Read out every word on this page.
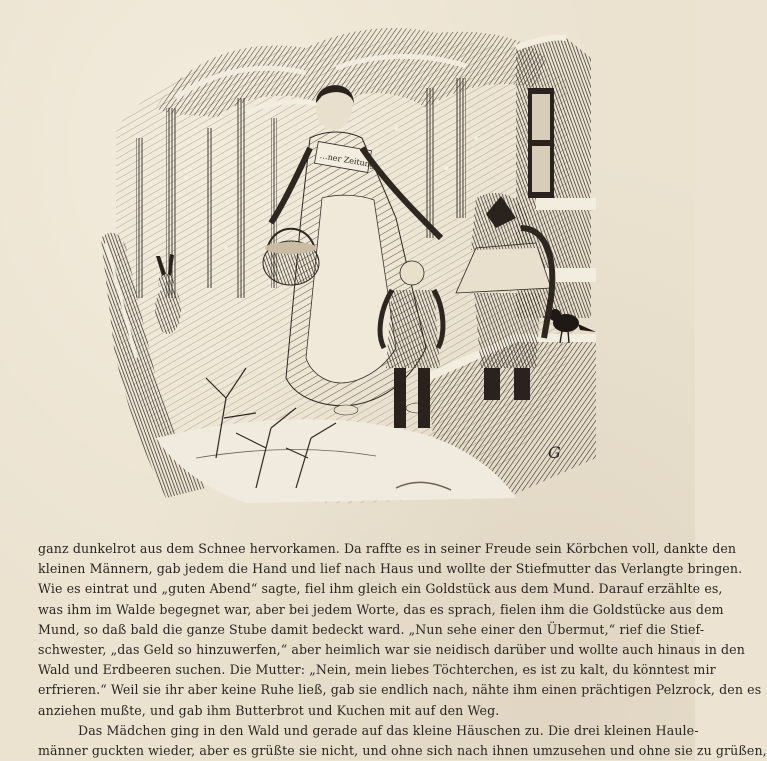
…ner Zeitung
G
ganz dunkelrot aus dem Schnee hervorkamen. Da raffte es in seiner Freude sein Körbchen voll, dankte den
kleinen Männern, gab jedem die Hand und lief nach Haus und wollte der Stiefmutter das Verlangte bringen.
Wie es eintrat und „guten Abend“ sagte, fiel ihm gleich ein Goldstück aus dem Mund. Darauf erzählte es,
was ihm im Walde begegnet war, aber bei jedem Worte, das es sprach, fielen ihm die Goldstücke aus dem
Mund, so daß bald die ganze Stube damit bedeckt ward. „Nun sehe einer den Übermut,“ rief die Stief-
schwester, „das Geld so hinzuwerfen,“ aber heimlich war sie neidisch darüber und wollte auch hinaus in den
Wald und Erdbeeren suchen. Die Mutter: „Nein, mein liebes Töchterchen, es ist zu kalt, du könntest mir
erfrieren.“ Weil sie ihr aber keine Ruhe ließ, gab sie endlich nach, nähte ihm einen prächtigen Pelzrock, den es
anziehen mußte, und gab ihm Butterbrot und Kuchen mit auf den Weg.
Das Mädchen ging in den Wald und gerade auf das kleine Häuschen zu. Die drei kleinen Haule-
männer guckten wieder, aber es grüßte sie nicht, und ohne sich nach ihnen umzusehen und ohne sie zu grüßen,
